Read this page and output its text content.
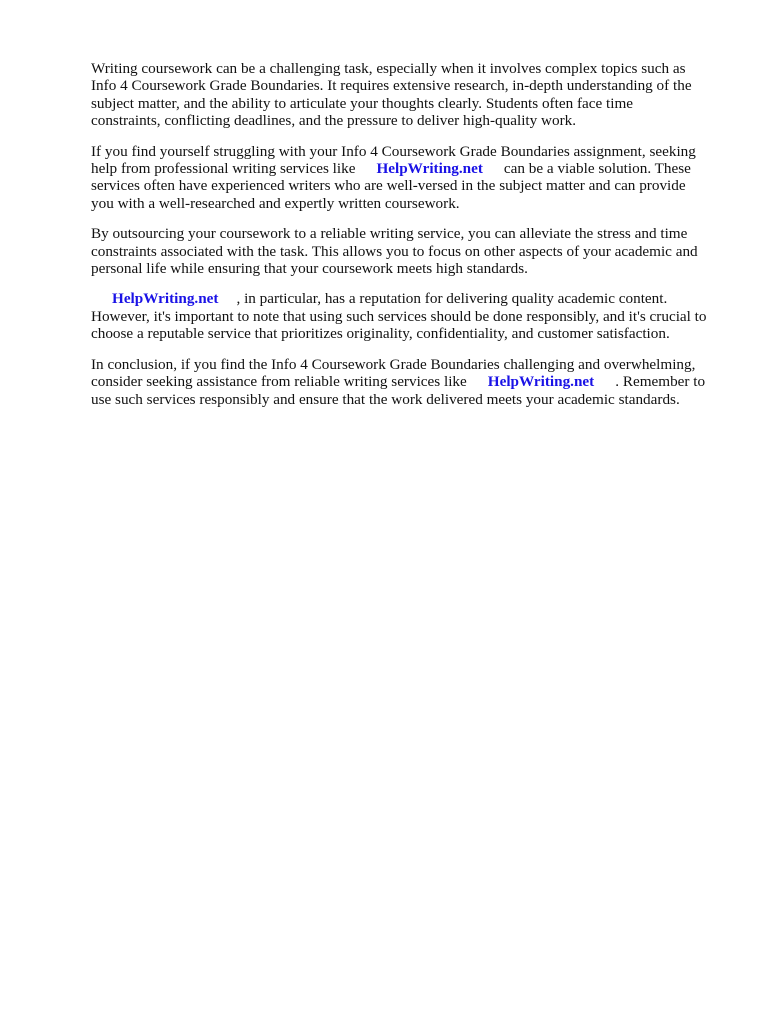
Writing coursework can be a challenging task, especially when it involves complex topics such as
Info 4 Coursework Grade Boundaries. It requires extensive research, in-depth understanding of the
subject matter, and the ability to articulate your thoughts clearly. Students often face time
constraints, conflicting deadlines, and the pressure to deliver high-quality work.
If you find yourself struggling with your Info 4 Coursework Grade Boundaries assignment, seeking
help from professional writing services like HelpWriting.net can be a viable solution. These
services often have experienced writers who are well-versed in the subject matter and can provide
you with a well-researched and expertly written coursework.
By outsourcing your coursework to a reliable writing service, you can alleviate the stress and time
constraints associated with the task. This allows you to focus on other aspects of your academic and
personal life while ensuring that your coursework meets high standards.
HelpWriting.net , in particular, has a reputation for delivering quality academic content.
However, it's important to note that using such services should be done responsibly, and it's crucial to
choose a reputable service that prioritizes originality, confidentiality, and customer satisfaction.
In conclusion, if you find the Info 4 Coursework Grade Boundaries challenging and overwhelming,
consider seeking assistance from reliable writing services like HelpWriting.net . Remember to
use such services responsibly and ensure that the work delivered meets your academic standards.
